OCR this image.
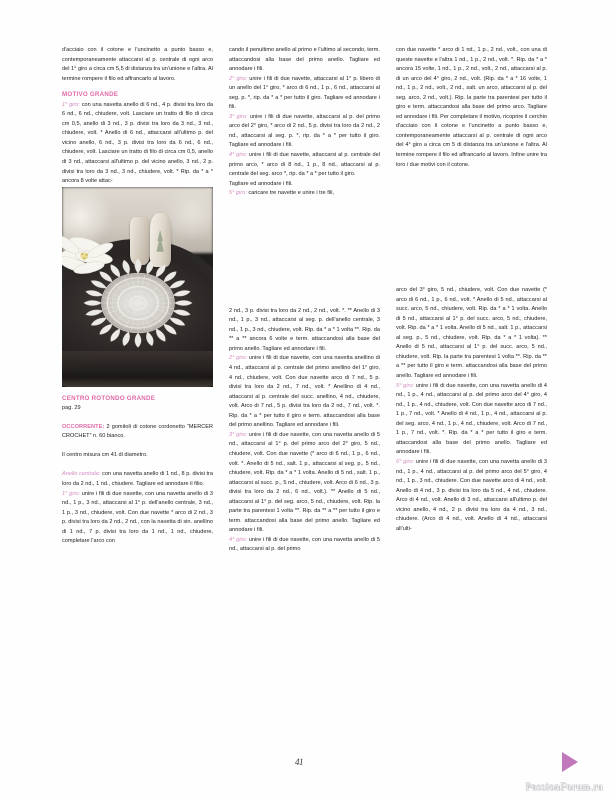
d'acciaio con il cotone e l'uncinetto a punto basso e, contemporaneamente attaccarsi al p. centrale di ogni arco del 1° giro a circa cm 5,5 di distanza tra un'unione e l'altra. Al termine rompere il filo ed affrancarlo al lavoro.

MOTIVO GRANDE

1° giro: con una navetta anello di 6 nd., 4 p. divisi tra loro da 6 nd., 6 nd., chiudere, volt. Lasciare un tratto di filo di circa cm 0,5, anello di 3 nd., 3 p. divisi tra loro da 3 nd., 3 nd., chiudere, volt. * Anello di 6 nd., attaccarsi all'ultimo p. del vicino anello, 6 nd., 3 p. divisi tra loro da 6 nd., 6 nd., chiudere, volt. Lasciare un tratto di filo di circa cm 0,5, anello di 3 nd., attaccarsi all'ultimo p. del vicino anello, 3 nd., 2 p. divisi tra loro da 3 nd., 3 nd., chiudere, volt. * Rip. da * a * ancora 8 volte attac-

CENTRO ROTONDO GRANDE

pag. 29

OCCORRENTE: 2 gomitoli di cotone cordonetto “MERCER CROCHET” n. 60 bianco.

Il centro misura cm 41 di diametro.

Anello centrale: con una navetta anello di 1 nd., 8 p. divisi tra loro da 2 nd., 1 nd., chiudere. Tagliare ed annodare il filio.

1° giro: unire i fili di due navette, con una navetta anello di 3 nd., 1 p., 3 nd., attaccarsi al 1° p. dell'anello centrale, 3 nd., 1 p., 3 nd., chiudere, volt. Con due navette * arco di 2 nd., 3 p. divisi tra loro da 2 nd., 2 nd., con la navetta di sin. anellino di 1 nd., 7 p. divisi tra loro da 1 nd., 1 nd., chiudere, completare l'arco con

cando il penultimo anello al primo e l'ultimo al secondo, term. attaccandosi alla base del primo anello. Tagliare ed annodare i fili.

2° giro: unire i fili di due navette, attaccarsi al 1° p. libero di un anello del 1° giro, * arco di 6 nd., 1 p., 6 nd., attaccarsi al seg. p. *, rip. da * a * per tutto il giro. Tagliare ed annodare i fili.

3° giro: unire i fili di due navette, attaccarsi al p. del primo arco del 2° giro, * arco di 2 nd., 5 p. divisi tra loro da 2 nd., 2 nd., attaccarsi al seg. p. *, rip. da * a * per tutto il giro. Tagliare ed annodare i fili.

4° giro: unire i fili di due navette, attaccarsi al p. centrale del primo arco, * arco di 8 nd., 1 p., 8 nd., attaccarsi al p. centrale del seg. arco *, rip. da * a * per tutto il giro.

Tagliare ed annodare i fili.

5° giro: caricare tre navette e unire i tre fili,

2 nd., 3 p. divisi tra loro da 2 nd., 2 nd., volt. *. ** Anello di 3 nd., 1 p., 3 nd., attaccarsi al seg. p. dell'anello centrale, 3 nd., 1 p., 3 nd., chiudere, volt. Rip. da * a * 1 volta **. Rip. da ** a ** ancora 6 volte e term. attaccandosi alla base del primo anello. Tagliare ed annodare i fili.

2° giro: unire i fili di due navette, con una navetta anellino di 4 nd., attaccarsi al p. centrale del primo anellino del 1° giro, 4 nd., chiudere, volt. Con due navette arco di 7 nd., 5 p. divisi tra loro da 2 nd., 7 nd., volt. * Anellino di 4 nd., attaccarsi al p. centrale del succ. anellino, 4 nd., chiudere, volt. Arco di 7 nd., 5 p. divisi tra loro da 2 nd., 7 nd., volt. *. Rip. da * a * per tutto il giro e term. attaccandosi alla base del primo anellino. Tagliare ed annodare i fili.

3° giro: unire i fili di due navette, con una navetta anello di 5 nd., attaccarsi al 1° p. del primo arco del 2° giro, 5 nd., chiudere, volt. Con due navette (* arco di 6 nd., 1 p., 6 nd., volt. *. Anello di 5 nd., salt. 1 p., attaccarsi al seg. p., 5 nd., chiudere, volt. Rip. da * a * 1 volta. Anello di 5 nd., salt. 1 p., attaccarsi al succ. p., 5 nd., chiudere, volt. Arco di 6 nd., 3 p. divisi tra loro da 2 nd., 6 nd., volt.). ** Anello di 5 nd., attaccarsi al 1° p. del seg. arco, 5 nd., chiudere, volt. Rip. la parte tra parentesi 1 volta **. Rip. da ** a ** per tutto il giro e term. attaccandosi alla base del primo anello. Tagliare ed annodare i fili.

4° giro: unire i fili di due navette, con una navetta anello di 5 nd., attaccarsi al p. del primo

con due navette * arco di 1 nd., 1 p., 2 nd., volt., con una di queste navette e l'altra 1 nd., 1 p., 2 nd., volt. *. Rip. da * a * ancora 15 volte, 1 nd., 1 p., 2 nd., volt., 2 nd., attaccarsi al p. di un arco del 4° giro, 2 nd., volt. (Rip. da * a * 16 volte, 1 nd., 1 p., 2 nd., volt., 2 nd., salt. un arco, attaccarsi al p. del seg. arco, 2 nd., volt.). Rip. la parte tra parentesi per tutto il giro e term. attaccandosi alla base del primo arco. Tagliare ed annodare i fili. Per completare il motivo, ricoprire il cerchio d'acciaio con il cotone e l'uncinetto a punto basso e, contemporaneamente attaccarsi al p. centrale di ogni arco del 4° giro a circa cm 5 di distanza tra un'unione e l'altra. Al termine rompere il filo ed affrancarlo al lavoro. Infine unire tra loro i due motivi con il cotone.

arco del 3° giro, 5 nd., chiudere, volt. Con due navette (* arco di 6 nd., 1 p., 6 nd., volt. * Anello di 5 nd., attaccarsi al succ. arco, 5 nd., chiudere, volt. Rip. da * a * 1 volta. Anello di 5 nd., attaccarsi al 1° p. del succ. arco, 5 nd., chiudere, volt. Rip. da * a * 1 volta. Anello di 5 nd., salt. 1 p., attaccarsi al seg. p., 5 nd., chiudere, volt. Rip. da * a * 1 volta). ** Anello di 5 nd., attaccarsi al 1° p. del succ. arco, 5 nd., chiudere, volt. Rip. la parte tra parentesi 1 volta **. Rip. da ** a ** per tutto il giro e term. attaccandosi alla base del primo anello. Tagliare ed annodare i fili.

5° giro: unire i fili di due navette, con una navetta anello di 4 nd., 1 p., 4 nd., attaccarsi al p. del primo arco del 4° giro, 4 nd., 1 p., 4 nd., chiudere, volt. Con due navette arco di 7 nd., 1 p., 7 nd., volt. * Anello di 4 nd., 1 p., 4 nd., attaccarsi al p. del seg. arco, 4 nd., 1 p., 4 nd., chiudere, volt. Arco di 7 nd., 1 p., 7 nd., volt. *. Rip. da * a * per tutto il giro e term. attaccandosi alla base del primo anello. Tagliare ed annodare i fili.

6° giro: unire i fili di due navette, con una navetta anello di 3 nd., 1 p., 4 nd., attaccarsi al p. del primo arco del 5° giro, 4 nd., 1 p., 3 nd., chiudere. Con due navette arco di 4 nd., volt. Anello di 4 nd., 3 p. divisi tra loro da 5 nd., 4 nd., chiudere. Arco di 4 nd., volt. Anello di 3 nd., attaccarsi all'ultimo p. del vicino anello, 4 nd., 2 p. divisi tra loro da 4 nd., 3 nd., chiudere. (Arco di 4 nd., volt. Anello di 4 nd., attaccarsi all'ulti-

41
PassionForum.ru
